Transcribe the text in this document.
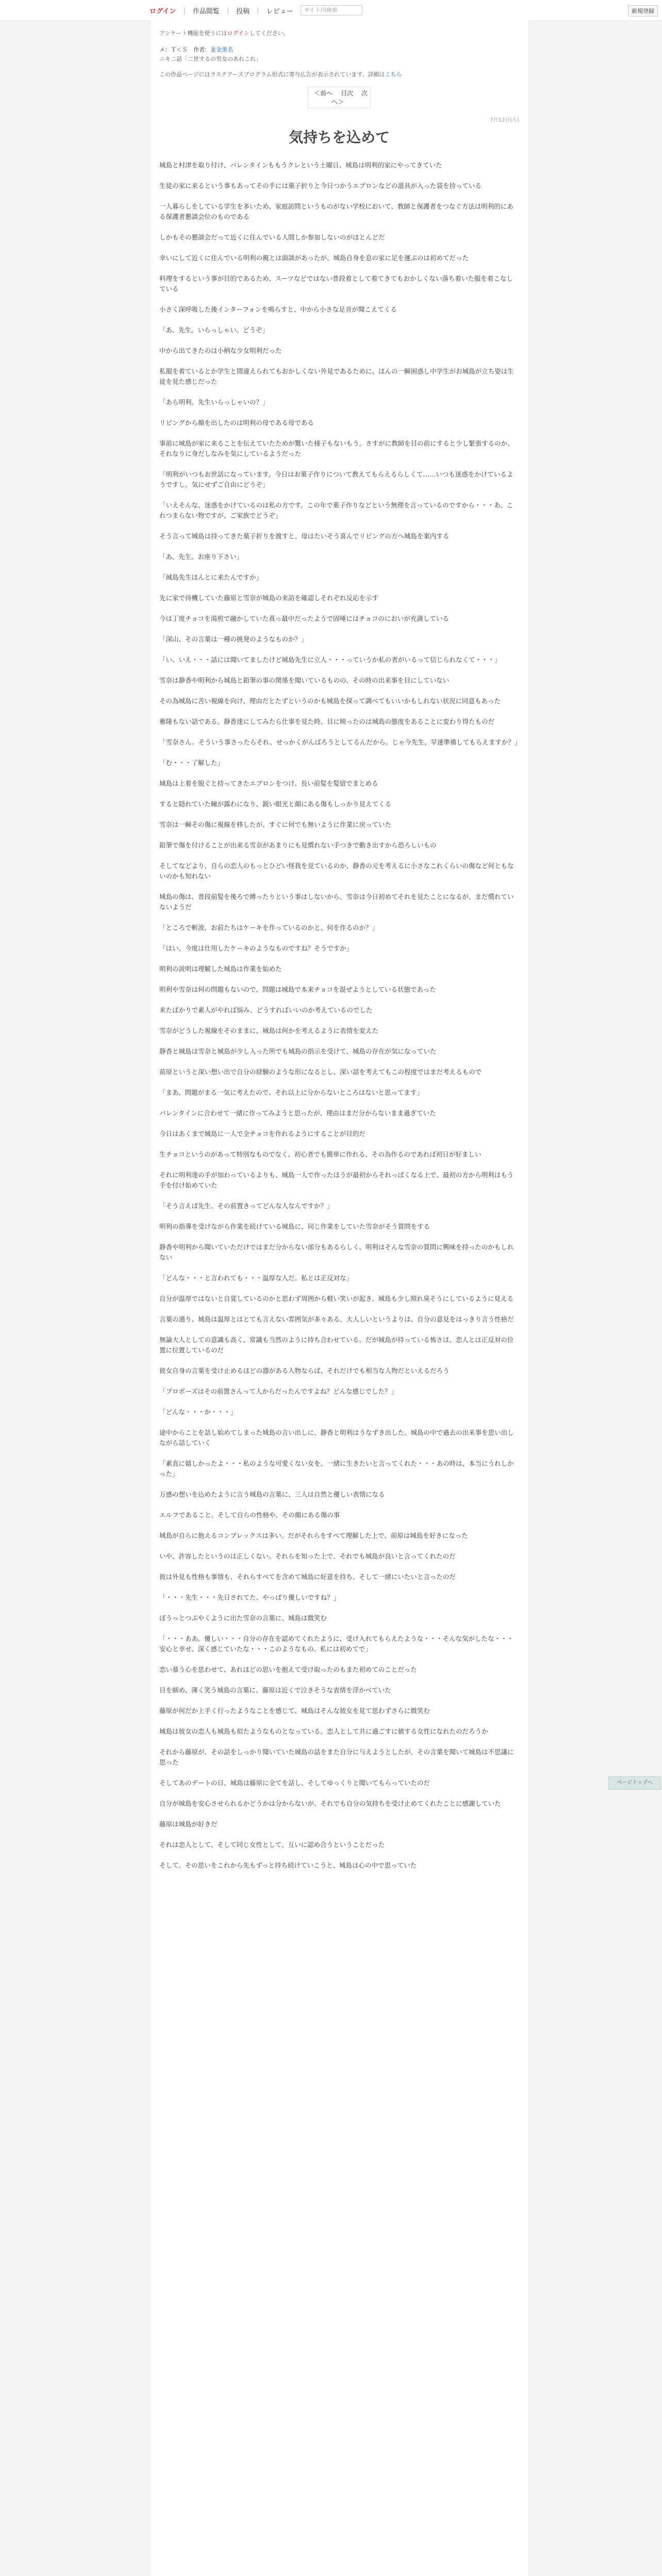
ログイン | 作品閲覧 | 投稿 | レビュー	サイト内検索	新規登録
アンケート機能を使うにはログインしてください。
メ：Ｔ＜Ｓ　作者：並金黒名
ニキ二話「二世するの男女のあれこれ」
この作品ページにはラステアーズプログラム形式に寄与広告が表示されています。詳細はこちら
＜前へ 目次 次へ＞
7月12日(火)
気持ちを込めて

城島と村津を取り付け、バレンタインももうクレという土曜日、城島は明利的家にやってきていた

生徒の家に来るという事もあってその手には菓子折りと今日つかうエプロンなどの道具が入った袋を持っている

一人暮らしをしている学生を多いため、家庭訪問というものがない学校において、教師と保護者をつなぐ方法は明利的にある保護者懇談会位のものである

しかもその懇談会だって近くに住んでいる人間しか参加しないのがほとんどだ

幸いにして近くに住んでいる明利の親とは面談があったが、城島自身を息の家に足を運ぶのは初めてだった

料理をするという事が目的であるため、スーツなどではない普段着として着てきてもおかしくない落ち着いた服を着こなしている

小さく深呼吸した後インターフォンを鳴らすと、中から小さな足音が聞こえてくる

「あ、先生。いらっしゃい。どうぞ」

中から出てきたのは小柄な少女明利だった

私服を着ているとか学生と間違えられてもおかしくない外見であるために、ほんの一瞬困惑し中学生がお城島が立ち姿は生徒を見た感じだった

「あら明利。先生いらっしゃいの？」

リビングから顔を出したのは明利の母である母である

事前に城島が家に来ることを伝えていたためが驚いた様子もないもう。さすがに教師を目の前にすると少し緊張するのか、それなりに身だしなみを気にしているようだった

「明利がいつもお世話になっています。今日はお菓子作りについて教えてもらえるらしくて……いつも迷惑をかけているようですし。気にせずご自由にどうぞ」

「いえそんな、迷惑をかけているのは私の方です。この年で菓子作りなどという無理を言っているのですから・・・あ、これつまらない物ですが、ご家族でどうぞ」

そう言って城島は持ってきた菓子折りを渡すと、母はたいそう喜んでリビングの方へ城島を案内する

「あ、先生。お座り下さい」

「城島先生ほんとに来たんですか」

先に家で待機していた藤原と雪奈が城島の来訪を確認しそれぞれ反応を示す

今は丁度チョコを湯煎で融かしていた真っ最中だったようで固唾にはチョコのにおいが充満している

「深山、その言葉は一種の挑発のようなものか？」

「い、いえ・・・話には聞いてましたけど城島先生に立人・・・っていうか私の者がいるって信じられなくて・・・」

雪奈は静香や明利から城島と鉛筆の事の関係を聞いているものの、その時の出来事を目にしていない

その為城島に苦い視線を向け、理由だとたずというのかも城島を探って調べてもいいかもしれない状況に同意もあった

雅隆もない話である。静香達にしてみたら仕事を見た時、目に映ったのは城島の態度をあることに変わり得たものだ

「雪奈さん。そういう事さったらそれ、せっかくがんばろうとしてるんだから。じゃ今先生、早速準備してもらえますか？」

「む・・・了解した」

城島は上着を脱ぐと持ってきたエプロンをつけ、長い前髪を髪留でまとめる

すると隠れていた瞳が露わになり、鋭い眼光と顔にある傷もしっかり見えてくる

雪奈は一瞬その傷に視線を移したが、すぐに何でも無いように作業に戻っていた

鉛筆で傷を付けることが出来る雪奈があまりにも見慣れない手つきで動き出すから恐ろしいもの

そしてなどより、自らの恋人のもっとひどい怪我を見ているのか、静香の元を考えるに小さなこれくらいの傷など何ともないのかも知れない

城島の傷は、普段前髪を後ろで縛ったりという事はしないから、雪奈は今日初めてそれを見たことになるが、まだ慣れていないようだ

「ところで斬波、お前たちはケーキを作っているのかと、何を作るのか？」

「はい、今度は仕用したケーキのようなものですね？そうですか」

明利の説明は理解した城島は作業を始めた

明利や雪奈は何の問題もないので、問題は城島で本来チョコを混ぜようとしている状態であった

来たばかりで素人がやれば悩み、どうすればいいのか考えているのでした

雪奈がどうした視線をそのままに、城島は何かを考えるように表情を変えた

静香と城島は雪奈と城島が少し入った所でも城島の指示を受けて、城島の存在が気になっていた

前原というと深い想い出で自分の経験のような形になるとし、深い話を考えてもこの程度ではまだ考えるもので

「まあ、問題がまる一気に考えたので、それ以上に分からないところはないと思ってます」

バレンタインに合わせて一緒に作ってみようと思ったが、理由はまだ分からないまま過ぎていた

今日はあくまで城島に一人で全チョコを作れるようにすることが目的だ

生チョコというのがあって特別なものでなく、初心者でも簡単に作れる、その為作るのであれば初日が好ましい

それに明利達の手が加わっているよりも、城島一人で作ったほうが最初からそれっぽくなる上で、最初の方から明利はもう手を付け始めていた

「そう言えば先生、その前置きってどんな人なんですか？」

明利の指導を受けながら作業を続けている城島に、同じ作業をしていた雪奈がそう質問をする

静香や明利から聞いていただけではまだ分からない部分もあるらしく、明利はそんな雪奈の質問に興味を持ったのかもしれない

「どんな・・・と言われても・・・温厚な人だ。私とは正反対な」

自分が温厚ではないと自覚しているのかと思わず周囲から軽い笑いが起き、城島も少し照れ臭そうにしているように見える

言葉の通り、城島は温厚とはとても言えない雰囲気が多々ある。大人しいというよりは、自分の意見をはっきり言う性格だ

無論大人としての意識も高く、常識も当然のように持ち合わせている。だが城島が持っている怖さは、恋人とは正反対の位置に位置しているのだ

彼女自身の言葉を受け止めるほどの器がある人物ならば、それだけでも相当な人物だといえるだろう

「プロポーズはその前置さんって人からだったんですよね？どんな感じでした？」

「どんな・・・か・・・」

途中からことを話し始めてしまった城島の言い出しに、静香と明利はうなずき出した。城島の中で過去の出来事を思い出しながら話していく

「素直に嬉しかったよ・・・私のような可愛くない女を、一緒に生きたいと言ってくれた・・・あの時は、本当にうれしかった」

万感の想いを込めたように言う城島の言葉に、三人は自然と優しい表情になる

エルフであること。そして自らの性格や、その顔にある傷の事

城島が自らに抱えるコンプレックスは多い。だがそれらをすべて理解した上で、前原は城島を好きになった

いや、許容したというのは正しくない。それらを知った上で、それでも城島が良いと言ってくれたのだ

彼は外見も性格も事情も、それらすべてを含めて城島に好意を持ち、そして一緒にいたいと言ったのだ

「・・・先生・・・先日されてた、やっぱり優しいですね？」

ぼうっとつぶやくように出た雪奈の言葉に、城島は微笑む

「・・・ああ。優しい・・・自分の存在を認めてくれたように、受け入れてもらえたような・・・そんな気がしたな・・・安心と幸せ、深く感じていたな・・・このようなもの、私には初めてで」

恋い慕う心を思わせて、あれほどの思いを抱えて受け取ったのもまた初めてのことだった

目を細め、薄く笑う城島の言葉に、藤原は近くで泣きそうな表情を浮かべていた

藤原が何だか上手く行ったようなことを感じて、城島はそんな彼女を見て思わずさらに微笑む

城島は彼女の恋人も城島も似たようなものとなっている。恋人として共に過ごすに値する女性になれたのだろうか

それから藤原が、その話をしっかり聞いていた城島の話をまた自分に与えようとしたが、その言葉を聞いて城島は不思議に思った

そしてあのデートの日、城島は藤原に全てを話し、そしてゆっくりと聞いてもらっていたのだ

自分が城島を安心させられるかどうかは分からないが、それでも自分の気持ちを受け止めてくれたことに感謝していた

藤原は城島が好きだ

それは恋人として、そして同じ女性として、互いに認め合うということだった

そして、その思いをこれから先もずっと持ち続けていこうと、城島は心の中で思っていた

ページトップへ
